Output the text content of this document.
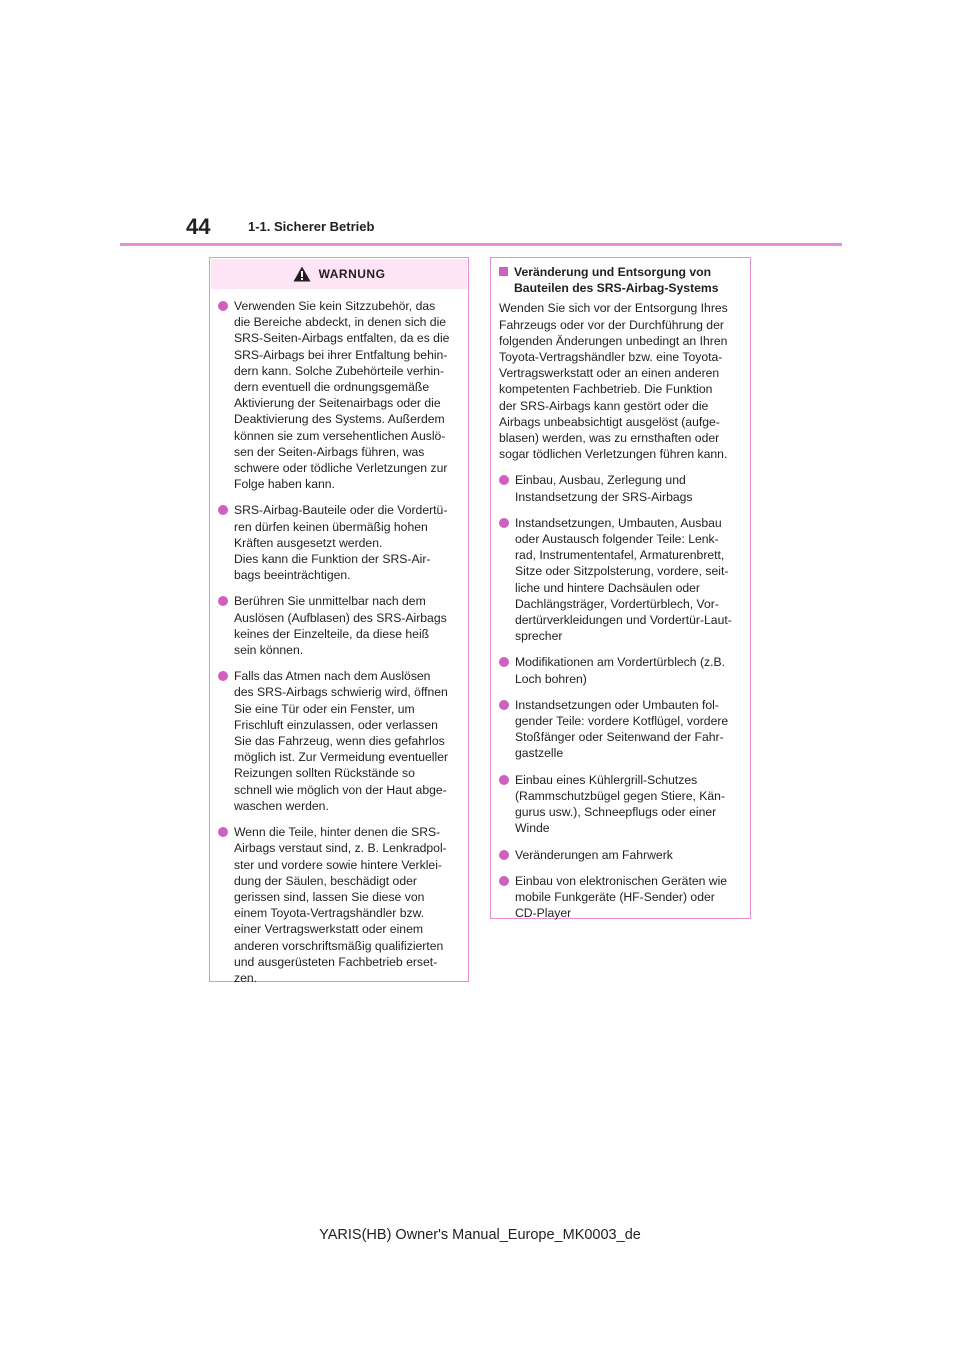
44	1-1. Sicherer Betrieb
WARNUNG
Verwenden Sie kein Sitzzubehör, das
die Bereiche abdeckt, in denen sich die
SRS-Seiten-Airbags entfalten, da es die
SRS-Airbags bei ihrer Entfaltung behin-
dern kann. Solche Zubehörteile verhin-
dern eventuell die ordnungsgemäße
Aktivierung der Seitenairbags oder die
Deaktivierung des Systems. Außerdem
können sie zum versehentlichen Auslö-
sen der Seiten-Airbags führen, was
schwere oder tödliche Verletzungen zur
Folge haben kann.
SRS-Airbag-Bauteile oder die Vordertü-
ren dürfen keinen übermäßig hohen
Kräften ausgesetzt werden.
Dies kann die Funktion der SRS-Air-
bags beeinträchtigen.
Berühren Sie unmittelbar nach dem
Auslösen (Aufblasen) des SRS-Airbags
keines der Einzelteile, da diese heiß
sein können.
Falls das Atmen nach dem Auslösen
des SRS-Airbags schwierig wird, öffnen
Sie eine Tür oder ein Fenster, um
Frischluft einzulassen, oder verlassen
Sie das Fahrzeug, wenn dies gefahrlos
möglich ist. Zur Vermeidung eventueller
Reizungen sollten Rückstände so
schnell wie möglich von der Haut abge-
waschen werden.
Wenn die Teile, hinter denen die SRS-
Airbags verstaut sind, z. B. Lenkradpol-
ster und vordere sowie hintere Verklei-
dung der Säulen, beschädigt oder
gerissen sind, lassen Sie diese von
einem Toyota-Vertragshändler bzw.
einer Vertragswerkstatt oder einem
anderen vorschriftsmäßig qualifizierten
und ausgerüsteten Fachbetrieb erset-
zen.
Veränderung und Entsorgung von
Bauteilen des SRS-Airbag-Systems
Wenden Sie sich vor der Entsorgung Ihres
Fahrzeugs oder vor der Durchführung der
folgenden Änderungen unbedingt an Ihren
Toyota-Vertragshändler bzw. eine Toyota-
Vertragswerkstatt oder an einen anderen
kompetenten Fachbetrieb. Die Funktion
der SRS-Airbags kann gestört oder die
Airbags unbeabsichtigt ausgelöst (aufge-
blasen) werden, was zu ernsthaften oder
sogar tödlichen Verletzungen führen kann.
Einbau, Ausbau, Zerlegung und
Instandsetzung der SRS-Airbags
Instandsetzungen, Umbauten, Ausbau
oder Austausch folgender Teile: Lenk-
rad, Instrumententafel, Armaturenbrett,
Sitze oder Sitzpolsterung, vordere, seit-
liche und hintere Dachsäulen oder
Dachlängsträger, Vordertürblech, Vor-
dertürverkleidungen und Vordertür-Laut-
sprecher
Modifikationen am Vordertürblech (z.B.
Loch bohren)
Instandsetzungen oder Umbauten fol-
gender Teile: vordere Kotflügel, vordere
Stoßfänger oder Seitenwand der Fahr-
gastzelle
Einbau eines Kühlergrill-Schutzes
(Rammschutzbügel gegen Stiere, Kän-
gurus usw.), Schneepflugs oder einer
Winde
Veränderungen am Fahrwerk
Einbau von elektronischen Geräten wie
mobile Funkgeräte (HF-Sender) oder
CD-Player
YARIS(HB) Owner's Manual_Europe_MK0003_de
